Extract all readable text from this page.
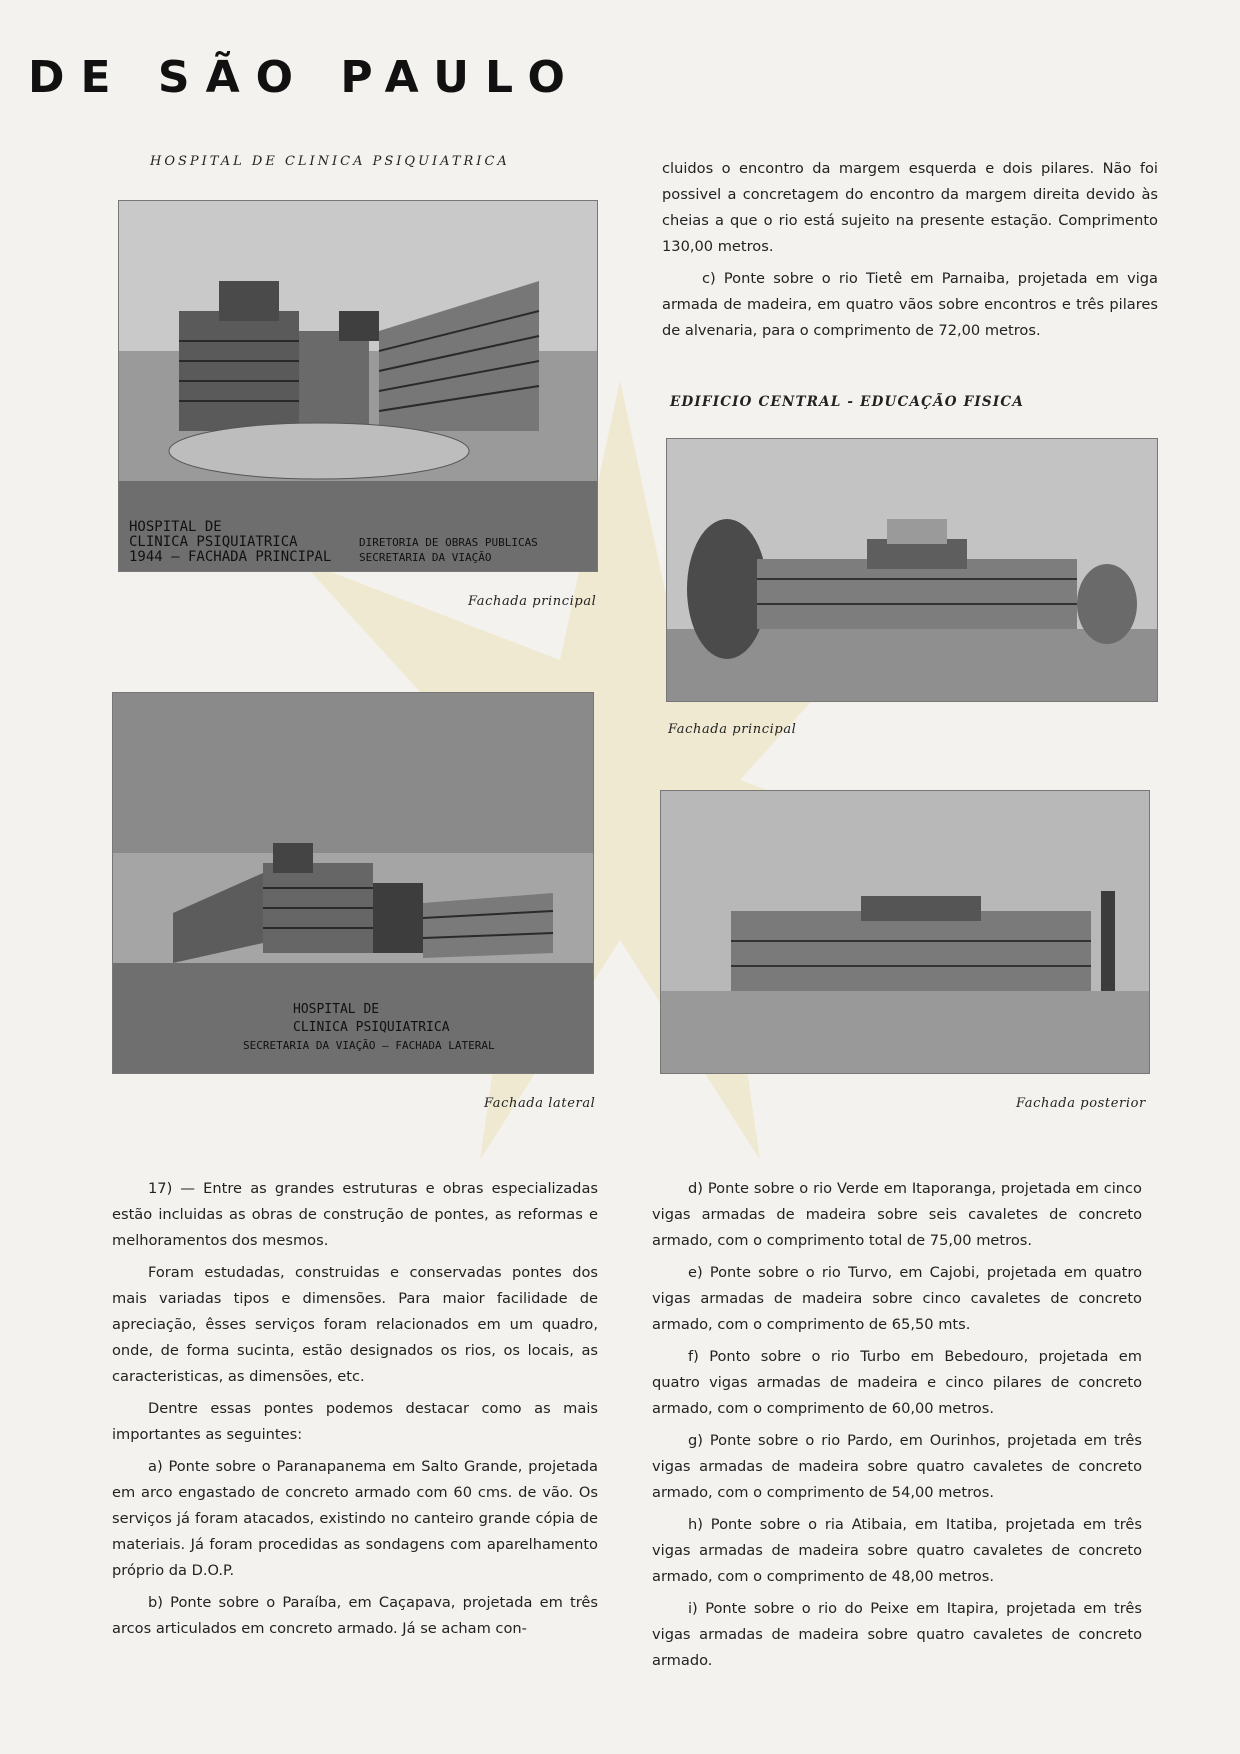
DE SÃO PAULO
HOSPITAL DE CLINICA PSIQUIATRICA
HOSPITAL DE
CLINICA PSIQUIATRICA
1944 — FACHADA PRINCIPAL
DIRETORIA DE OBRAS PUBLICAS
SECRETARIA DA VIAÇÃO
Fachada principal
HOSPITAL DE
CLINICA PSIQUIATRICA
SECRETARIA DA VIAÇÃO — FACHADA LATERAL
Fachada lateral

cluidos o encontro da margem esquerda e dois pilares. Não foi possivel a concretagem do encontro da margem direita devido às cheias a que o rio está sujeito na presente estação. Comprimento 130,00 metros.

c) Ponte sobre o rio Tietê em Parnaiba, projetada em viga armada de madeira, em quatro vãos sobre encontros e três pilares de alvenaria, para o comprimento de 72,00 metros.

EDIFICIO CENTRAL - EDUCAÇÃO FISICA
Fachada principal
Fachada posterior

17) — Entre as grandes estruturas e obras especializadas estão incluidas as obras de construção de pontes, as reformas e melhoramentos dos mesmos.

Foram estudadas, construidas e conservadas pontes dos mais variadas tipos e dimensões. Para maior facilidade de apreciação, êsses serviços foram relacionados em um quadro, onde, de forma sucinta, estão designados os rios, os locais, as caracteristicas, as dimensões, etc.

Dentre essas pontes podemos destacar como as mais importantes as seguintes:

a) Ponte sobre o Paranapanema em Salto Grande, projetada em arco engastado de concreto armado com 60 cms. de vão. Os serviços já foram atacados, existindo no canteiro grande cópia de materiais. Já foram procedidas as sondagens com aparelhamento próprio da D.O.P.

b) Ponte sobre o Paraíba, em Caçapava, projetada em três arcos articulados em concreto armado. Já se acham con-

d) Ponte sobre o rio Verde em Itaporanga, projetada em cinco vigas armadas de madeira sobre seis cavaletes de concreto armado, com o comprimento total de 75,00 metros.

e) Ponte sobre o rio Turvo, em Cajobi, projetada em quatro vigas armadas de madeira sobre cinco cavaletes de concreto armado, com o comprimento de 65,50 mts.

f) Ponto sobre o rio Turbo em Bebedouro, projetada em quatro vigas armadas de madeira e cinco pilares de concreto armado, com o comprimento de 60,00 metros.

g) Ponte sobre o rio Pardo, em Ourinhos, projetada em três vigas armadas de madeira sobre quatro cavaletes de concreto armado, com o comprimento de 54,00 metros.

h) Ponte sobre o ria Atibaia, em Itatiba, projetada em três vigas armadas de madeira sobre quatro cavaletes de concreto armado, com o comprimento de 48,00 metros.

i) Ponte sobre o rio do Peixe em Itapira, projetada em três vigas armadas de madeira sobre quatro cavaletes de concreto armado.
